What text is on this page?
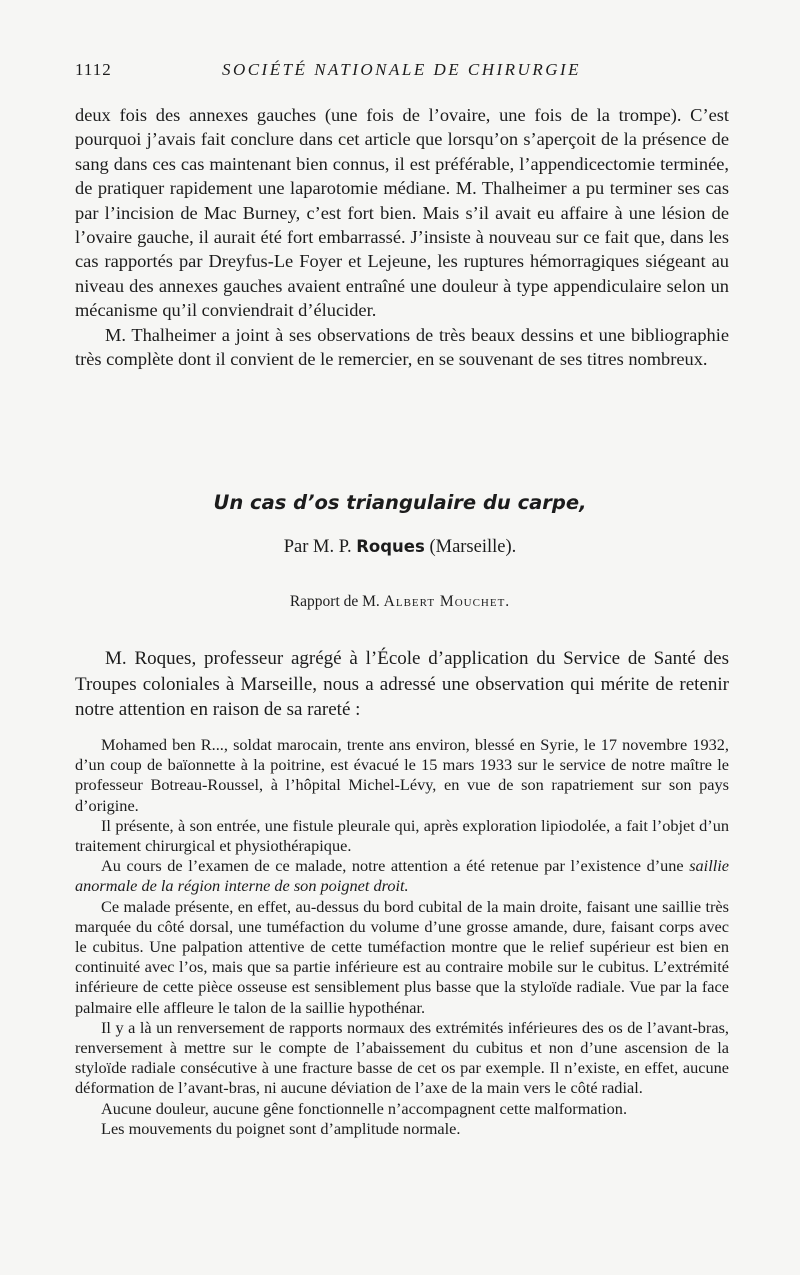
1112	SOCIÉTÉ NATIONALE DE CHIRURGIE

deux fois des annexes gauches (une fois de l’ovaire, une fois de la trompe). C’est pourquoi j’avais fait conclure dans cet article que lorsqu’on s’aperçoit de la présence de sang dans ces cas maintenant bien connus, il est préférable, l’appendicectomie terminée, de pratiquer rapidement une laparotomie médiane. M. Thalheimer a pu terminer ses cas par l’incision de Mac Burney, c’est fort bien. Mais s’il avait eu affaire à une lésion de l’ovaire gauche, il aurait été fort embarrassé. J’insiste à nouveau sur ce fait que, dans les cas rapportés par Dreyfus-Le Foyer et Lejeune, les ruptures hémorragiques siégeant au niveau des annexes gauches avaient entraîné une douleur à type appendiculaire selon un mécanisme qu’il conviendrait d’élucider.

M. Thalheimer a joint à ses observations de très beaux dessins et une bibliographie très complète dont il convient de le remercier, en se souvenant de ses titres nombreux.

Un cas d’os triangulaire du carpe,
Par M. P. Roques (Marseille).
Rapport de M. Albert Mouchet.

M. Roques, professeur agrégé à l’École d’application du Service de Santé des Troupes coloniales à Marseille, nous a adressé une observation qui mérite de retenir notre attention en raison de sa rareté :

Mohamed ben R..., soldat marocain, trente ans environ, blessé en Syrie, le 17 novembre 1932, d’un coup de baïonnette à la poitrine, est évacué le 15 mars 1933 sur le service de notre maître le professeur Botreau-Roussel, à l’hôpital Michel-Lévy, en vue de son rapatriement sur son pays d’origine.

Il présente, à son entrée, une fistule pleurale qui, après exploration lipiodolée, a fait l’objet d’un traitement chirurgical et physiothérapique.

Au cours de l’examen de ce malade, notre attention a été retenue par l’existence d’une saillie anormale de la région interne de son poignet droit.

Ce malade présente, en effet, au-dessus du bord cubital de la main droite, faisant une saillie très marquée du côté dorsal, une tuméfaction du volume d’une grosse amande, dure, faisant corps avec le cubitus. Une palpation attentive de cette tuméfaction montre que le relief supérieur est bien en continuité avec l’os, mais que sa partie inférieure est au contraire mobile sur le cubitus. L’extrémité inférieure de cette pièce osseuse est sensiblement plus basse que la styloïde radiale. Vue par la face palmaire elle affleure le talon de la saillie hypothénar.

Il y a là un renversement de rapports normaux des extrémités inférieures des os de l’avant-bras, renversement à mettre sur le compte de l’abaissement du cubitus et non d’une ascension de la styloïde radiale consécutive à une fracture basse de cet os par exemple. Il n’existe, en effet, aucune déformation de l’avant-bras, ni aucune déviation de l’axe de la main vers le côté radial.

Aucune douleur, aucune gêne fonctionnelle n’accompagnent cette malformation.

Les mouvements du poignet sont d’amplitude normale.
